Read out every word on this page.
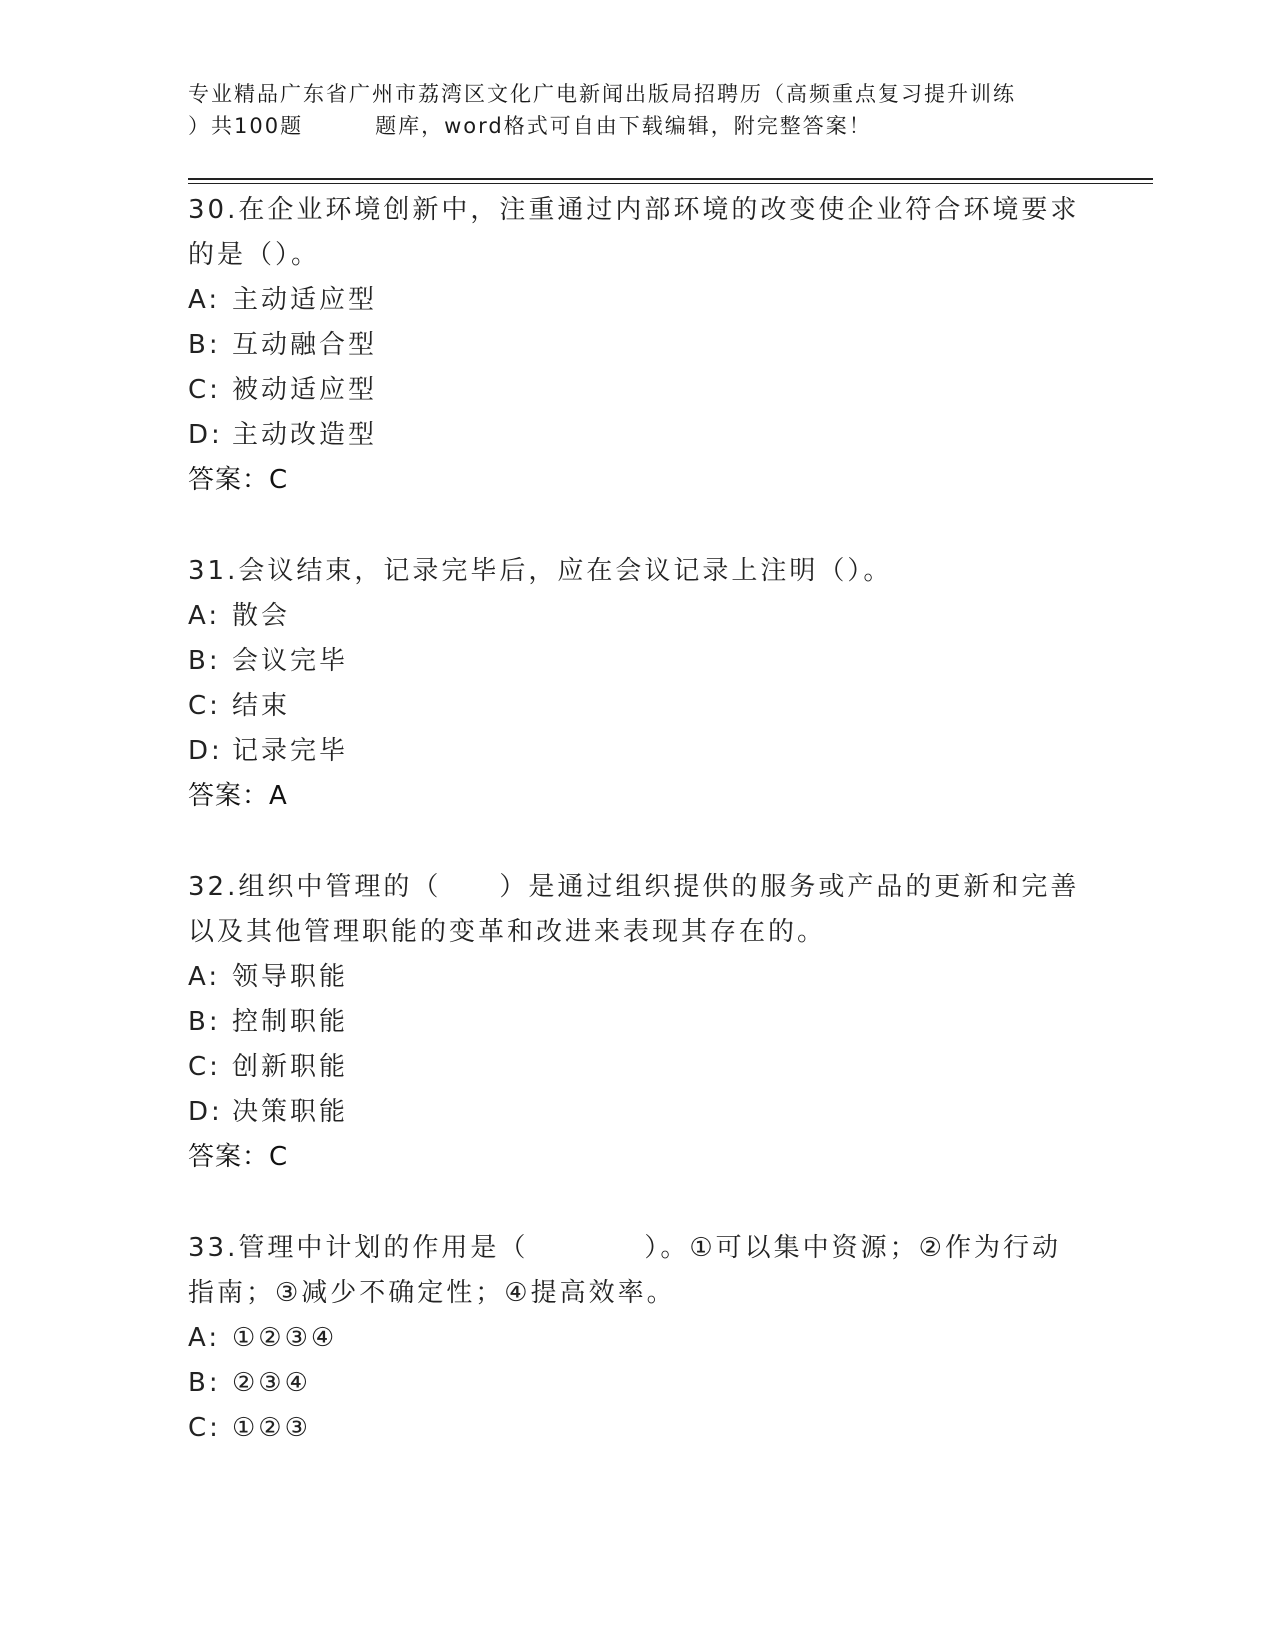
专业精品广东省广州市荔湾区文化广电新闻出版局招聘历（高频重点复习提升训练
）共100题	题库，word格式可自由下载编辑，附完整答案！

30.在企业环境创新中，注重通过内部环境的改变使企业符合环境要求的是（）。

A: 主动适应型

B: 互动融合型

C: 被动适应型

D: 主动改造型

答案：C

31.会议结束，记录完毕后，应在会议记录上注明（）。

A: 散会

B: 会议完毕

C: 结束

D: 记录完毕

答案：A

32.组织中管理的（　　）是通过组织提供的服务或产品的更新和完善以及其他管理职能的变革和改进来表现其存在的。

A: 领导职能

B: 控制职能

C: 创新职能

D: 决策职能

答案：C

33.管理中计划的作用是（　　　　）。①可以集中资源；②作为行动指南；③减少不确定性；④提高效率。

A: ①②③④

B: ②③④

C: ①②③
